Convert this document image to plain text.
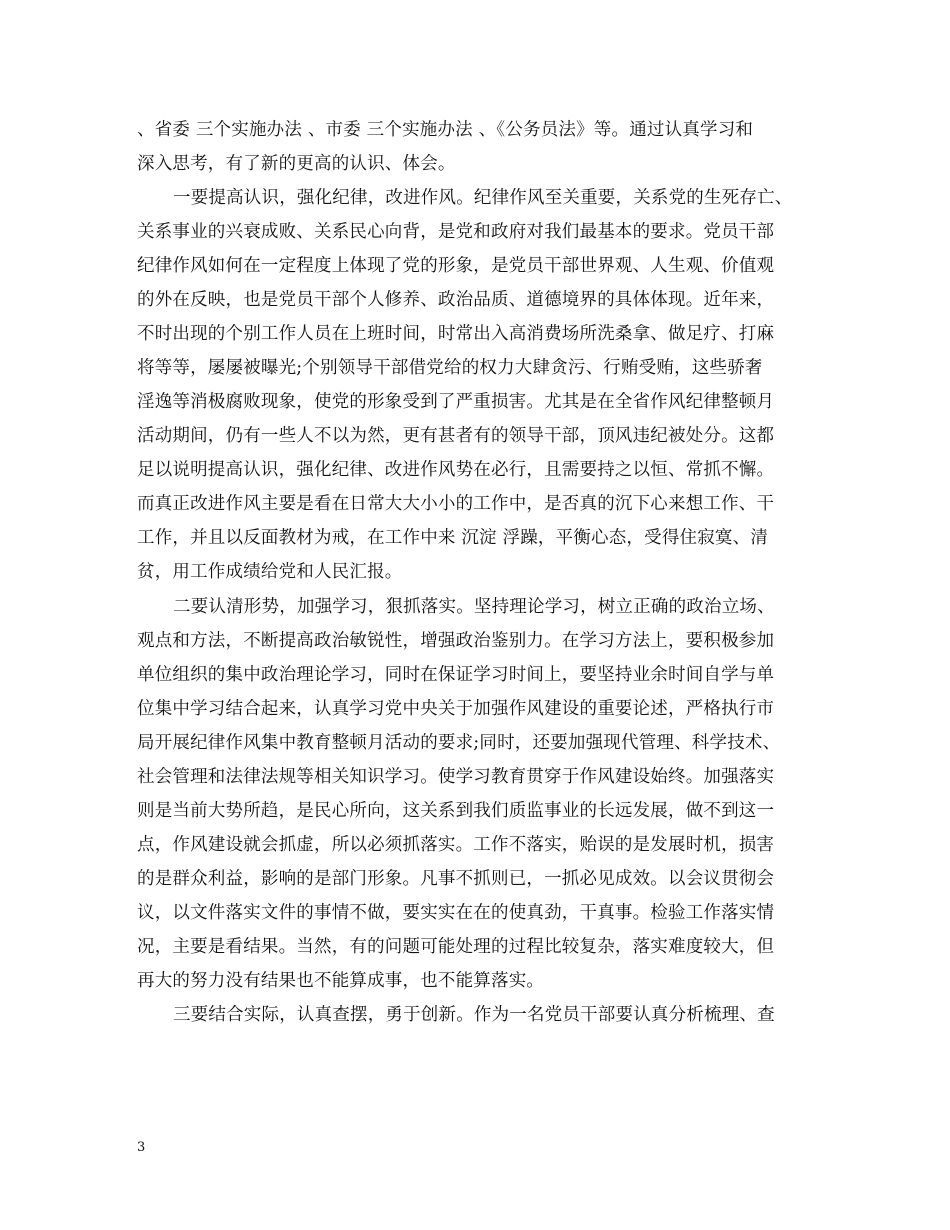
、省委 三个实施办法 、市委 三个实施办法 、《公务员法》等。通过认真学习和
深入思考，有了新的更高的认识、体会。
一要提高认识，强化纪律，改进作风。纪律作风至关重要，关系党的生死存亡、
关系事业的兴衰成败、关系民心向背，是党和政府对我们最基本的要求。党员干部
纪律作风如何在一定程度上体现了党的形象，是党员干部世界观、人生观、价值观
的外在反映，也是党员干部个人修养、政治品质、道德境界的具体体现。近年来，
不时出现的个别工作人员在上班时间，时常出入高消费场所洗桑拿、做足疗、打麻
将等等，屡屡被曝光;个别领导干部借党给的权力大肆贪污、行贿受贿，这些骄奢
淫逸等消极腐败现象，使党的形象受到了严重损害。尤其是在全省作风纪律整顿月
活动期间，仍有一些人不以为然，更有甚者有的领导干部，顶风违纪被处分。这都
足以说明提高认识，强化纪律、改进作风势在必行，且需要持之以恒、常抓不懈。
而真正改进作风主要是看在日常大大小小的工作中，是否真的沉下心来想工作、干
工作，并且以反面教材为戒，在工作中来 沉淀 浮躁，平衡心态，受得住寂寞、清
贫，用工作成绩给党和人民汇报。
二要认清形势，加强学习，狠抓落实。坚持理论学习，树立正确的政治立场、
观点和方法，不断提高政治敏锐性，增强政治鉴别力。在学习方法上，要积极参加
单位组织的集中政治理论学习，同时在保证学习时间上，要坚持业余时间自学与单
位集中学习结合起来，认真学习党中央关于加强作风建设的重要论述，严格执行市
局开展纪律作风集中教育整顿月活动的要求;同时，还要加强现代管理、科学技术、
社会管理和法律法规等相关知识学习。使学习教育贯穿于作风建设始终。加强落实
则是当前大势所趋，是民心所向，这关系到我们质监事业的长远发展，做不到这一
点，作风建设就会抓虚，所以必须抓落实。工作不落实，贻误的是发展时机，损害
的是群众利益，影响的是部门形象。凡事不抓则已，一抓必见成效。以会议贯彻会
议，以文件落实文件的事情不做，要实实在在的使真劲，干真事。检验工作落实情
况，主要是看结果。当然，有的问题可能处理的过程比较复杂，落实难度较大，但
再大的努力没有结果也不能算成事，也不能算落实。
三要结合实际，认真查摆，勇于创新。作为一名党员干部要认真分析梳理、查
3
